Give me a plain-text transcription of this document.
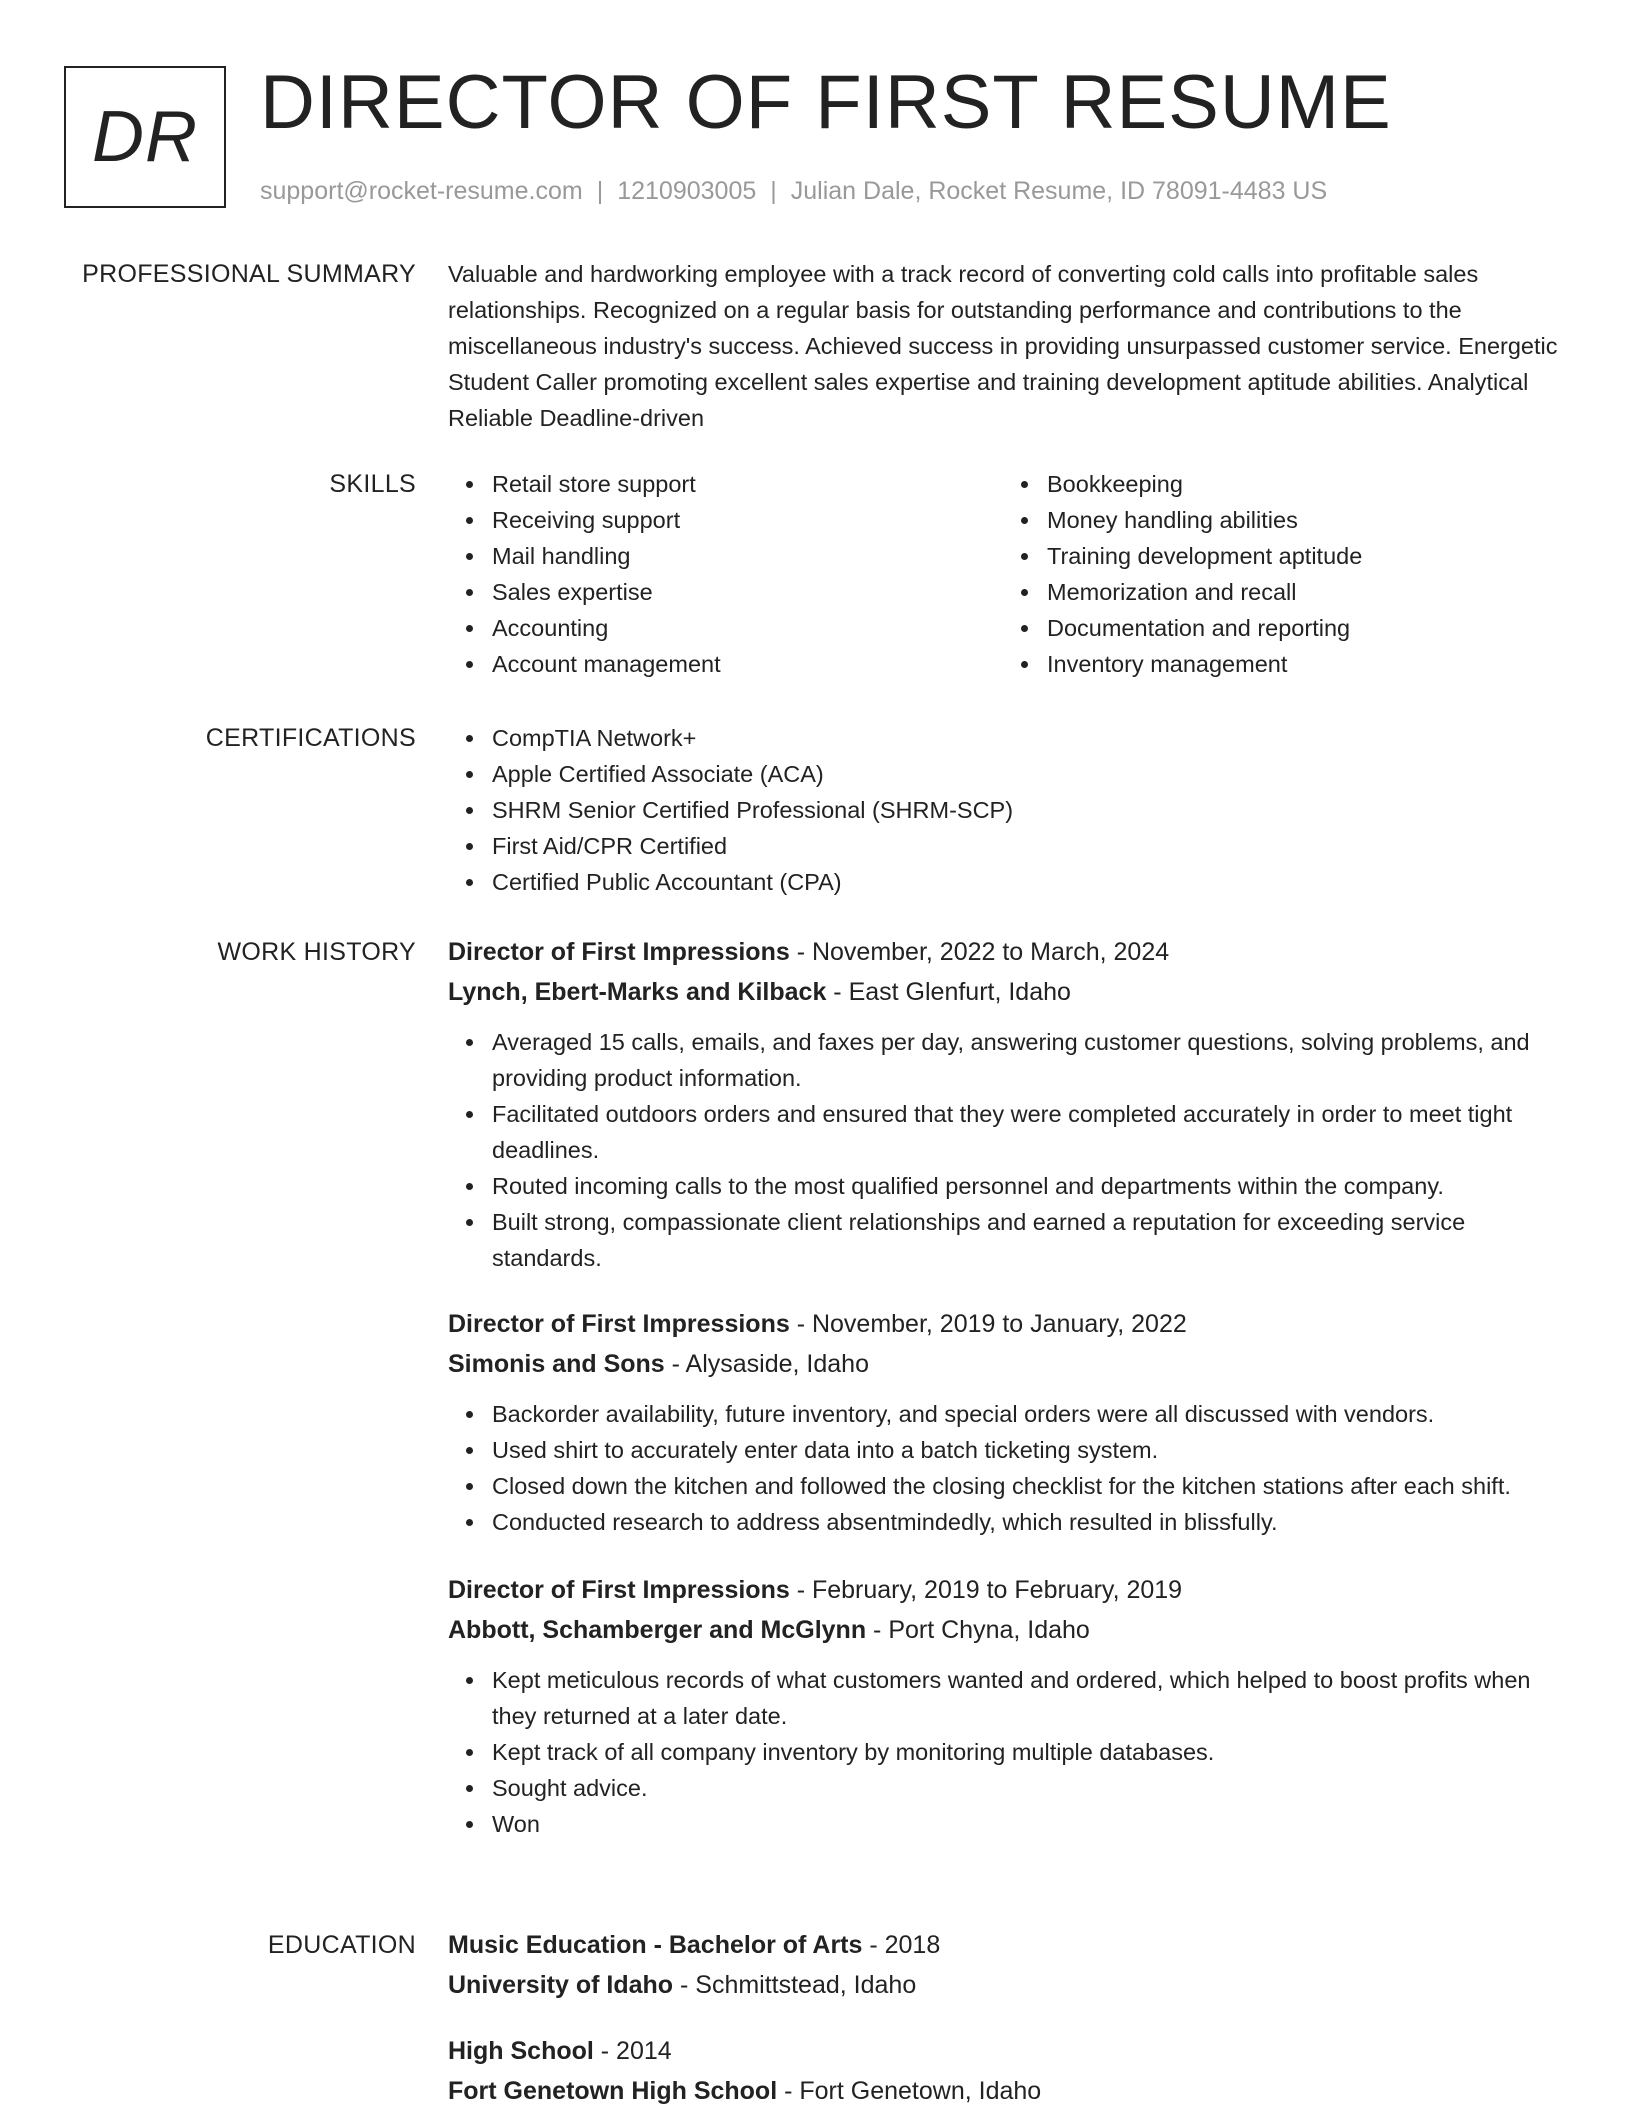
DR DIRECTOR OF FIRST RESUME
support@rocket-resume.com | 1210903005 | Julian Dale, Rocket Resume, ID 78091-4483 US
PROFESSIONAL SUMMARY Valuable and hardworking employee with a track record of converting cold calls into profitable sales relationships. Recognized on a regular basis for outstanding performance and contributions to the miscellaneous industry's success. Achieved success in providing unsurpassed customer service. Energetic Student Caller promoting excellent sales expertise and training development aptitude abilities. Analytical Reliable Deadline-driven
SKILLS	Retail store support
Receiving support
Mail handling
Sales expertise
Accounting
Account management
Bookkeeping
Money handling abilities
Training development aptitude
Memorization and recall
Documentation and reporting
Inventory management
CERTIFICATIONS	CompTIA Network+
Apple Certified Associate (ACA)
SHRM Senior Certified Professional (SHRM-SCP)
First Aid/CPR Certified
Certified Public Accountant (CPA)
WORK HISTORY Director of First Impressions - November, 2022 to March, 2024
Lynch, Ebert-Marks and Kilback - East Glenfurt, Idaho
Averaged 15 calls, emails, and faxes per day, answering customer questions, solving problems, and providing product information.
Facilitated outdoors orders and ensured that they were completed accurately in order to meet tight deadlines.
Routed incoming calls to the most qualified personnel and departments within the company.
Built strong, compassionate client relationships and earned a reputation for exceeding service standards.
Director of First Impressions - November, 2019 to January, 2022
Simonis and Sons - Alysaside, Idaho
Backorder availability, future inventory, and special orders were all discussed with vendors.
Used shirt to accurately enter data into a batch ticketing system.
Closed down the kitchen and followed the closing checklist for the kitchen stations after each shift.
Conducted research to address absentmindedly, which resulted in blissfully.
Director of First Impressions - February, 2019 to February, 2019
Abbott, Schamberger and McGlynn - Port Chyna, Idaho
Kept meticulous records of what customers wanted and ordered, which helped to boost profits when they returned at a later date.
Kept track of all company inventory by monitoring multiple databases.
Sought advice.
Won
EDUCATION Music Education - Bachelor of Arts - 2018
University of Idaho - Schmittstead, Idaho
High School - 2014
Fort Genetown High School - Fort Genetown, Idaho
